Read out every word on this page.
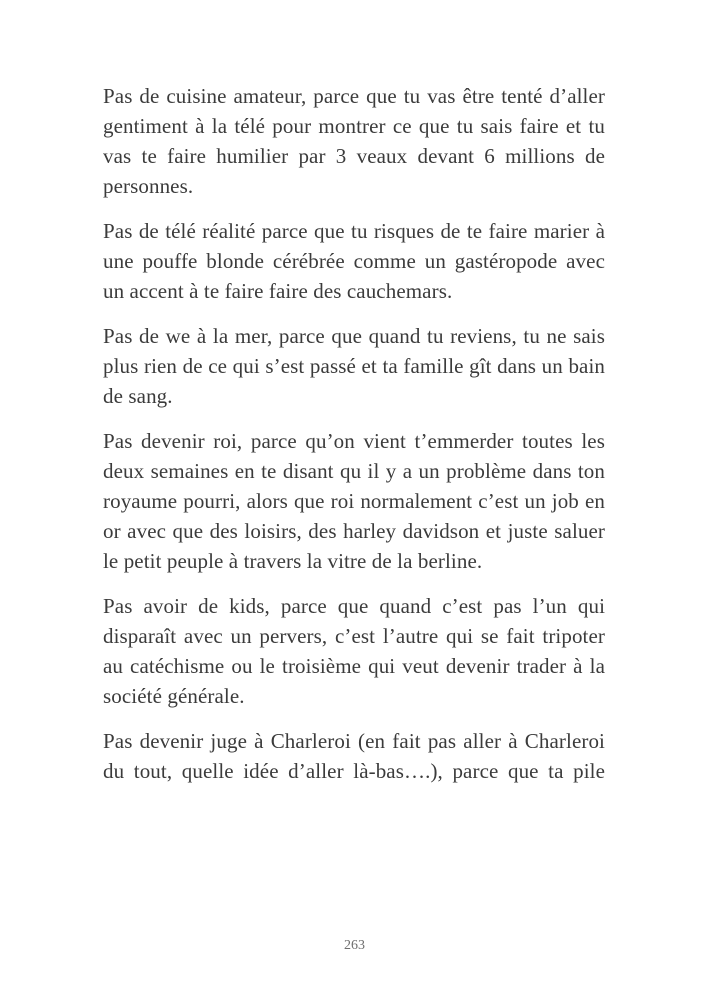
Pas de cuisine amateur, parce que tu vas être tenté d’aller gentiment à la télé pour montrer ce que tu sais faire et tu vas te faire humilier par 3 veaux devant 6 millions de personnes.

Pas de télé réalité parce que tu risques de te faire marier à une pouffe blonde cérébrée comme un gastéropode avec un accent à te faire faire des cauchemars.

Pas de we à la mer, parce que quand tu reviens, tu ne sais plus rien de ce qui s’est passé et ta famille gît dans un bain de sang.

Pas devenir roi, parce qu’on vient t’emmerder toutes les deux semaines en te disant qu il y a un problème dans ton royaume pourri, alors que roi normalement c’est un job en or avec que des loisirs, des harley davidson et juste saluer le petit peuple à travers la vitre de la berline.

Pas avoir de kids, parce que quand c’est pas l’un qui disparaît avec un pervers, c’est l’autre qui se fait tripoter au catéchisme ou le troisième qui veut devenir trader à la société générale.

Pas devenir juge à Charleroi (en fait pas aller à Charleroi du tout, quelle idée d’aller là-bas….), parce que ta pile

263
